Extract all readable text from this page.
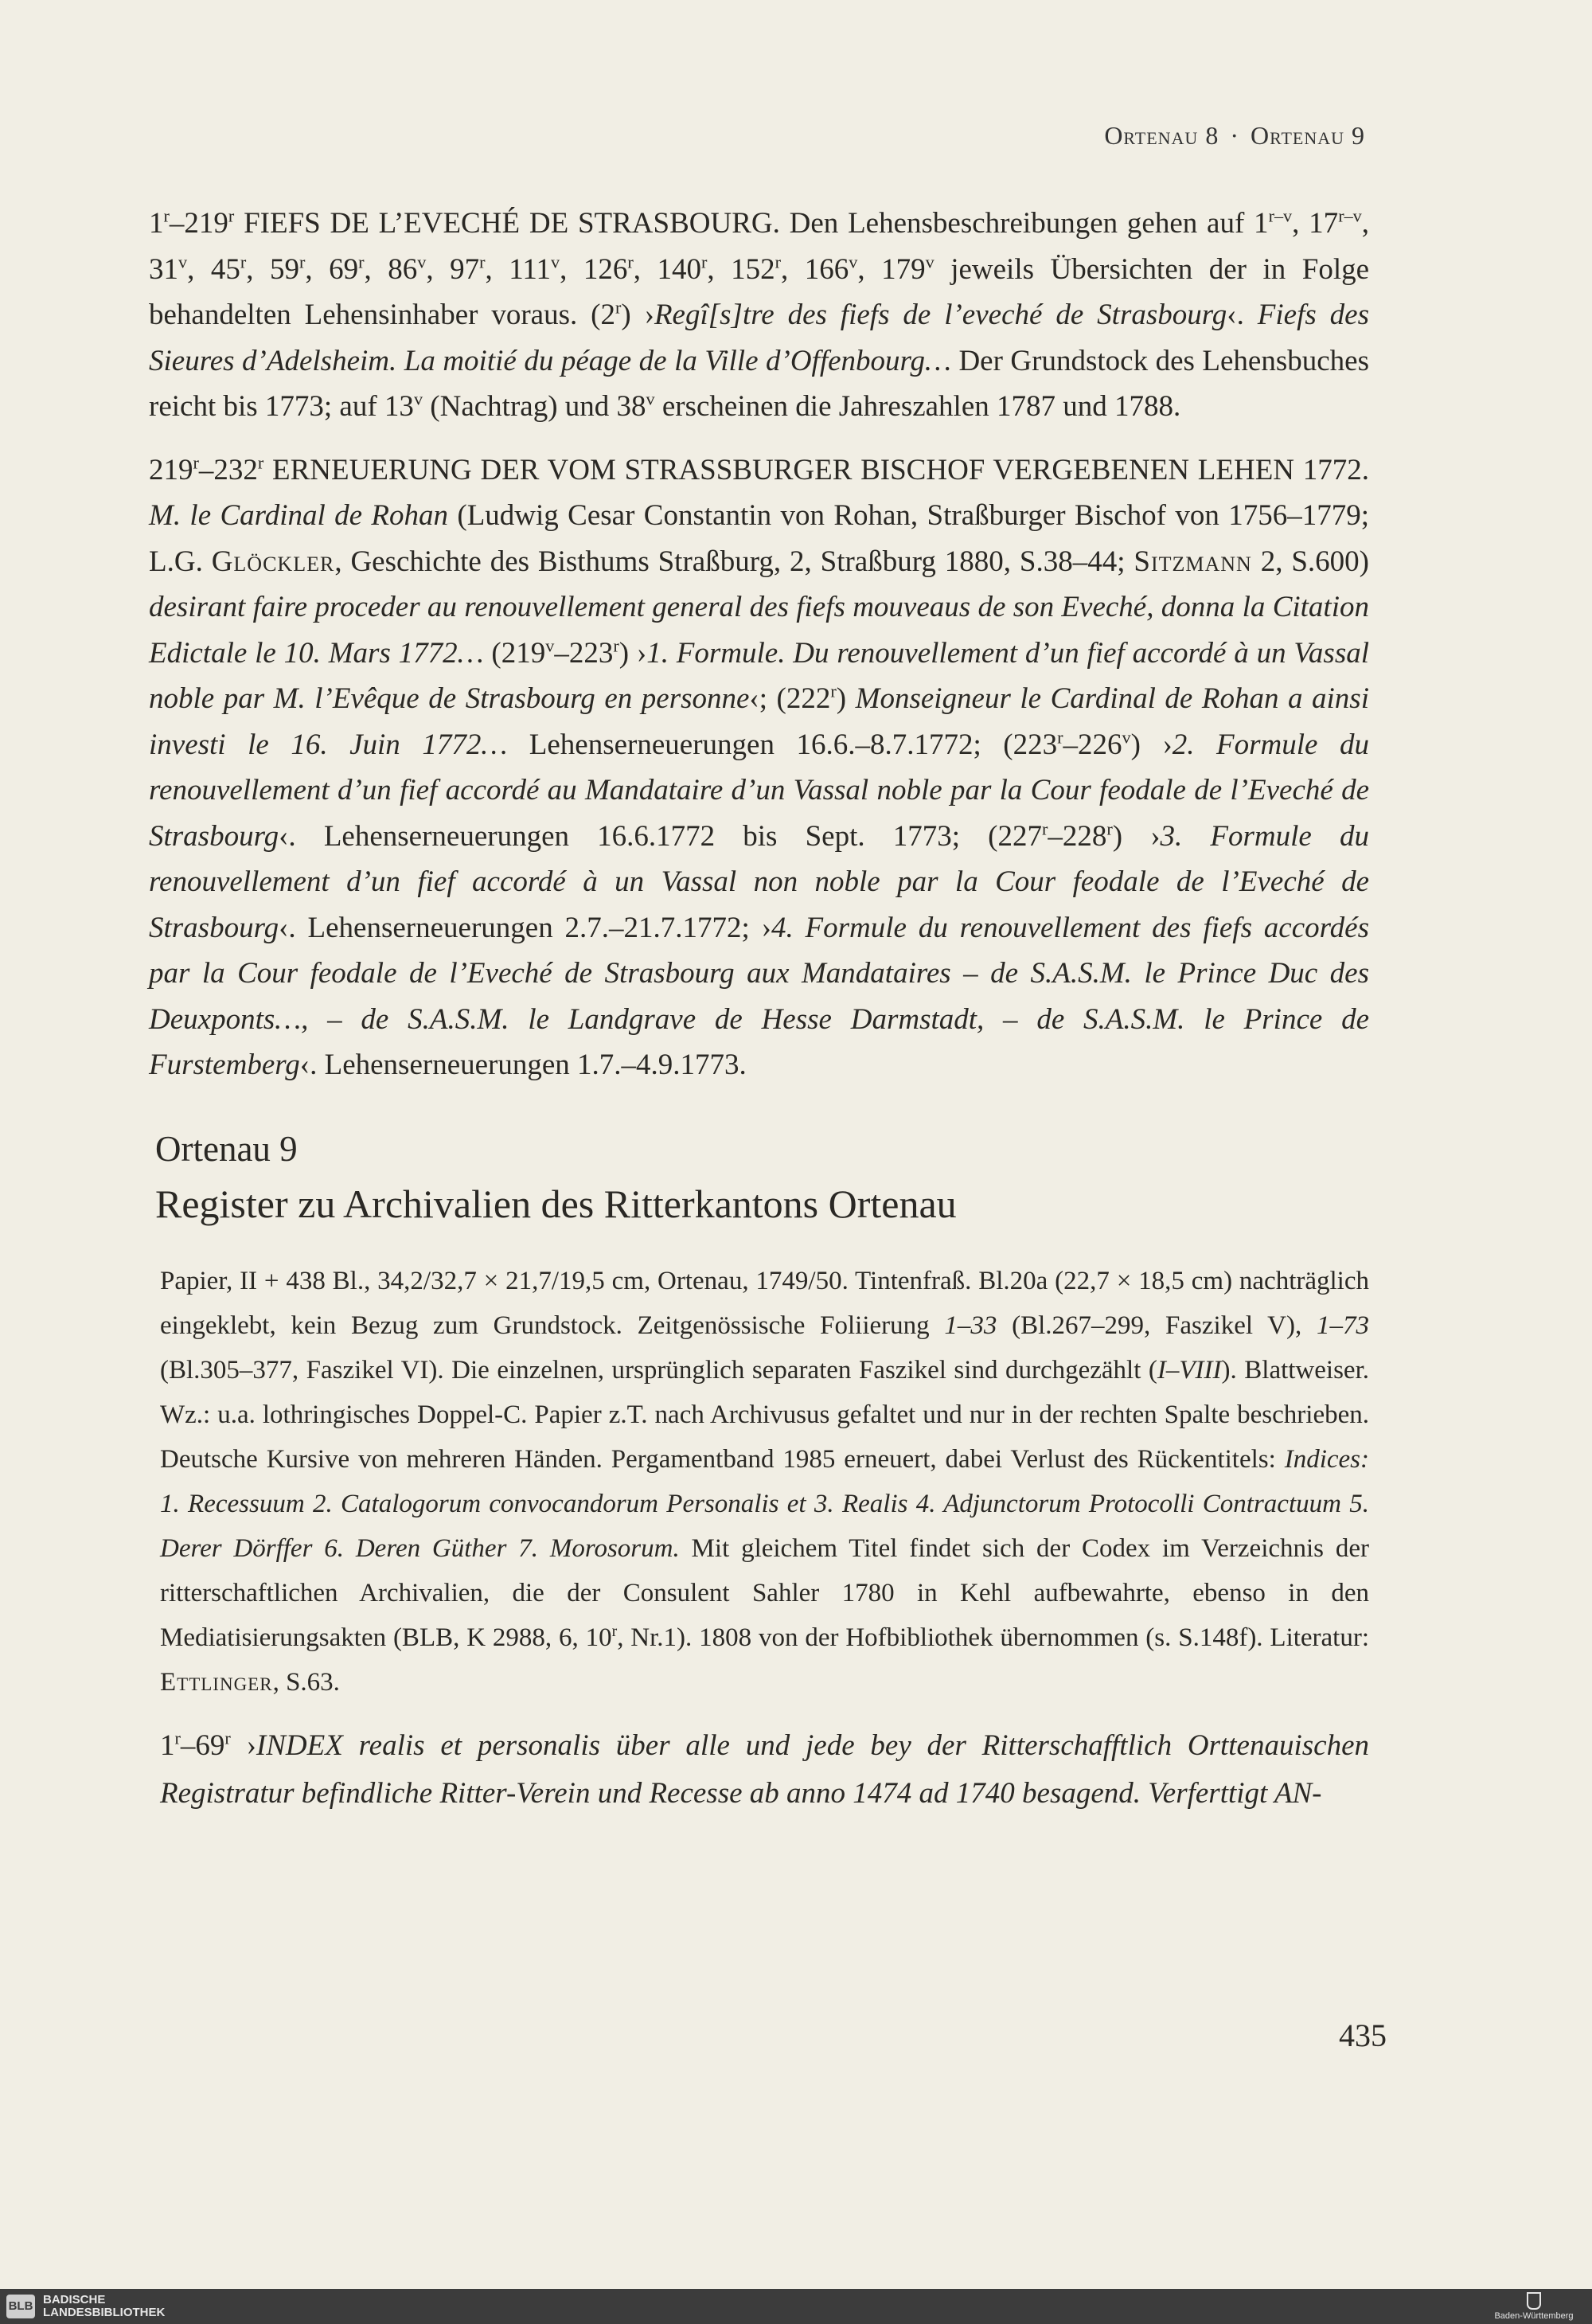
Ortenau 8 · Ortenau 9

1$^r$–219$^r$ FIEFS DE L’EVECHÉ DE STRASBOURG. Den Lehensbeschreibungen gehen auf 1$^{r-v}$, 17$^{r-v}$, 31$^v$, 45$^r$, 59$^r$, 69$^r$, 86$^v$, 97$^r$, 111$^v$, 126$^r$, 140$^r$, 152$^r$, 166$^v$, 179$^v$ jeweils Übersichten der in Folge behandelten Lehensinhaber voraus. (2$^r$) ›Regî[s]tre des fiefs de l’eveché de Strasbourg‹. Fiefs des Sieures d’Adelsheim. La moitié du péage de la Ville d’Offenbourg… Der Grundstock des Lehensbuches reicht bis 1773; auf 13$^v$ (Nachtrag) und 38$^v$ erscheinen die Jahreszahlen 1787 und 1788.

219$^r$–232$^r$ ERNEUERUNG DER VOM STRASSBURGER BISCHOF VERGEBENEN LEHEN 1772. M. le Cardinal de Rohan (Ludwig Cesar Constantin von Rohan, Straßburger Bischof von 1756–1779; L.G. Glöckler, Geschichte des Bisthums Straßburg, 2, Straßburg 1880, S.38–44; Sitzmann 2, S.600) desirant faire proceder au renouvellement general des fiefs mouveaus de son Eveché, donna la Citation Edictale le 10. Mars 1772… (219$^v$–223$^r$) ›1. Formule. Du renouvellement d’un fief accordé à un Vassal noble par M. l’Evêque de Strasbourg en personne‹; (222$^r$) Monseigneur le Cardinal de Rohan a ainsi investi le 16. Juin 1772… Lehenserneuerungen 16.6.–8.7.1772; (223$^r$–226$^v$) ›2. Formule du renouvellement d’un fief accordé au Mandataire d’un Vassal noble par la Cour feodale de l’Eveché de Strasbourg‹. Lehenserneuerungen 16.6.1772 bis Sept. 1773; (227$^r$–228$^r$) ›3. Formule du renouvellement d’un fief accordé à un Vassal non noble par la Cour feodale de l’Eveché de Strasbourg‹. Lehenserneuerungen 2.7.–21.7.1772; ›4. Formule du renouvellement des fiefs accordés par la Cour feodale de l’Eveché de Strasbourg aux Mandataires – de S.A.S.M. le Prince Duc des Deuxponts…, – de S.A.S.M. le Landgrave de Hesse Darmstadt, – de S.A.S.M. le Prince de Furstemberg‹. Lehenserneuerungen 1.7.–4.9.1773.

Ortenau 9
Register zu Archivalien des Ritterkantons Ortenau

Papier, II + 438 Bl., 34,2/32,7 × 21,7/19,5 cm, Ortenau, 1749/50. Tintenfraß. Bl.20a (22,7 × 18,5 cm) nachträglich eingeklebt, kein Bezug zum Grundstock. Zeitgenössische Foliierung 1–33 (Bl.267–299, Faszikel V), 1–73 (Bl.305–377, Faszikel VI). Die einzelnen, ursprünglich separaten Faszikel sind durchgezählt (I–VIII). Blattweiser. Wz.: u.a. lothringisches Doppel-C. Papier z.T. nach Archivusus gefaltet und nur in der rechten Spalte beschrieben. Deutsche Kursive von mehreren Händen. Pergamentband 1985 erneuert, dabei Verlust des Rückentitels: Indices: 1. Recessuum 2. Catalogorum convocandorum Personalis et 3. Realis 4. Adjunctorum Protocolli Contractuum 5. Derer Dörffer 6. Deren Güther 7. Morosorum. Mit gleichem Titel findet sich der Codex im Verzeichnis der ritterschaftlichen Archivalien, die der Consulent Sahler 1780 in Kehl aufbewahrte, ebenso in den Mediatisierungsakten (BLB, K 2988, 6, 10$^r$, Nr.1). 1808 von der Hofbibliothek übernommen (s. S.148f). Literatur: Ettlinger, S.63.

1$^r$–69$^r$ ›INDEX realis et personalis über alle und jede bey der Ritterschafftlich Orttenauischen Registratur befindliche Ritter-Verein und Recesse ab anno 1474 ad 1740 besagend. Verferttigt AN-

435
BLB BADISCHE
LANDESBIBLIOTHEK	Baden-Württemberg
